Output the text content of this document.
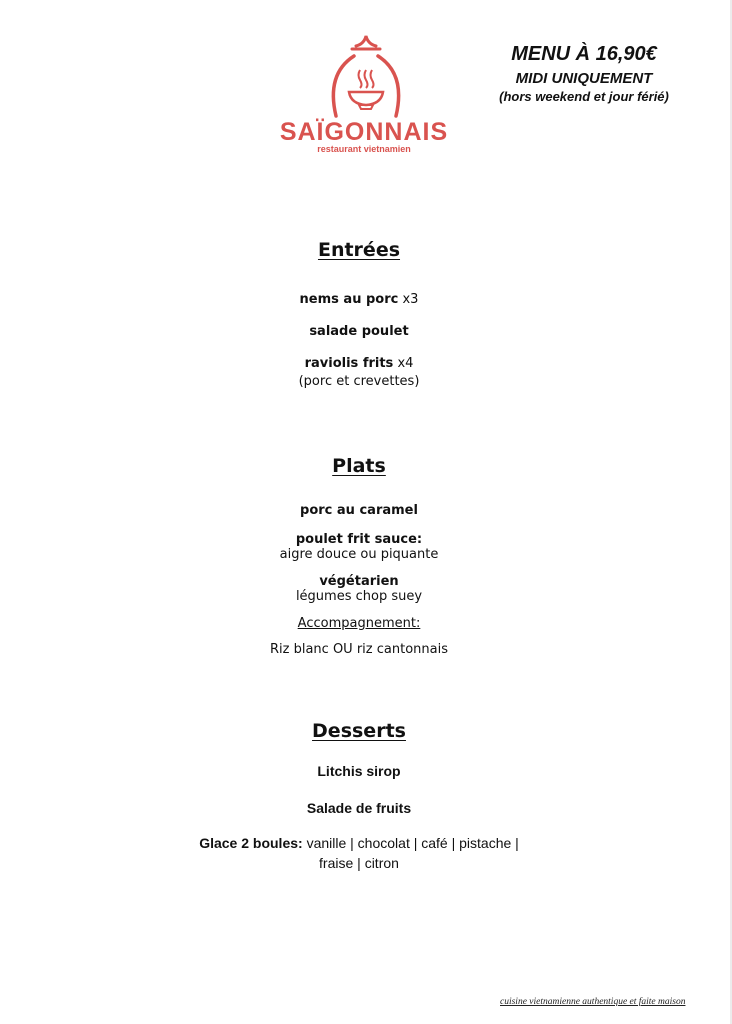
SAÏGONNAIS
restaurant vietnamien
MENU À 16,90€
MIDI UNIQUEMENT
(hors weekend et jour férié)
Entrées
nems au porc x3
salade poulet
raviolis frits x4
(porc et crevettes)
Plats
porc au caramel
poulet frit sauce:
aigre douce ou piquante
végétarien
légumes chop suey
Accompagnement:
Riz blanc OU riz cantonnais
Desserts
Litchis sirop
Salade de fruits
Glace 2 boules: vanille | chocolat | café | pistache |
fraise | citron
cuisine vietnamienne authentique et faite maison
